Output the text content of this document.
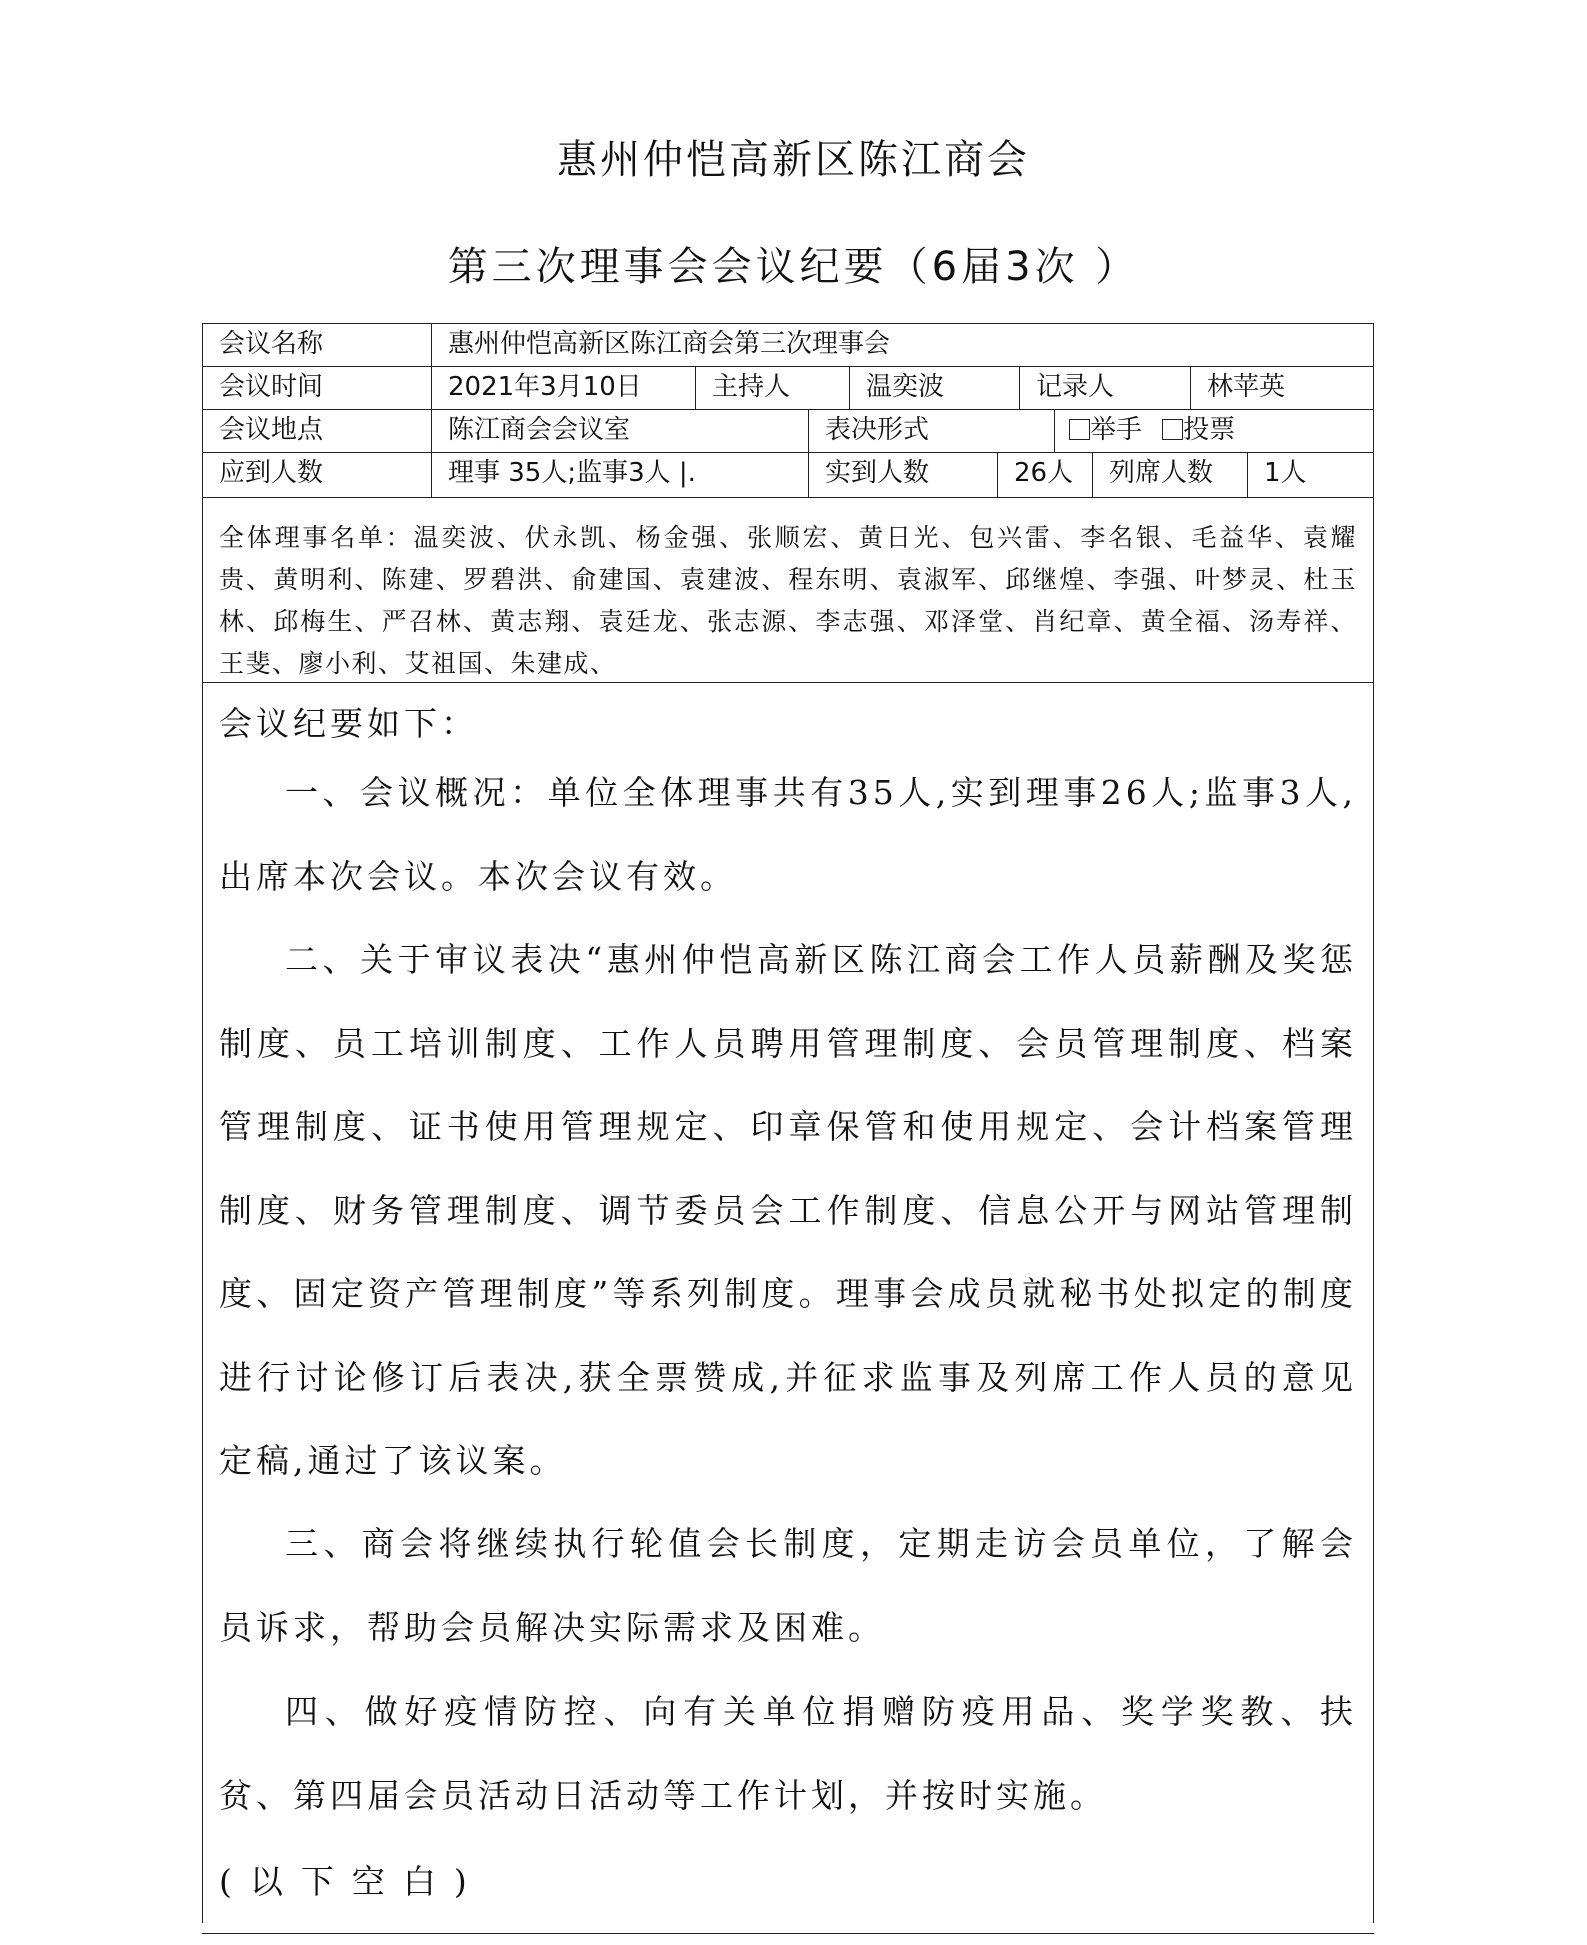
惠州仲恺高新区陈江商会
第三次理事会会议纪要（6届3次 ）
会议名称	惠州仲恺高新区陈江商会第三次理事会
会议时间	2021年3月10日	主持人	温奕波	记录人	林苹英
会议地点	陈江商会会议室	表决形式	举手 投票
应到人数	理事 35人;监事3人 |.	实到人数	26人	列席人数	1人
全体理事名单：温奕波、伏永凯、杨金强、张顺宏、黄日光、包兴雷、李名银、毛益华、袁耀贵、黄明利、陈建、罗碧洪、俞建国、袁建波、程东明、袁淑军、邱继煌、李强、叶梦灵、杜玉林、邱梅生、严召林、黄志翔、袁廷龙、张志源、李志强、邓泽堂、肖纪章、黄全福、汤寿祥、王斐、廖小利、艾祖国、朱建成、
会议纪要如下：

一、会议概况：单位全体理事共有35人,实到理事26人;监事3人,出席本次会议。本次会议有效。

二、关于审议表决“惠州仲恺高新区陈江商会工作人员薪酬及奖惩制度、员工培训制度、工作人员聘用管理制度、会员管理制度、档案管理制度、证书使用管理规定、印章保管和使用规定、会计档案管理制度、财务管理制度、调节委员会工作制度、信息公开与网站管理制度、固定资产管理制度”等系列制度。理事会成员就秘书处拟定的制度进行讨论修订后表决,获全票赞成,并征求监事及列席工作人员的意见定稿,通过了该议案。

三、商会将继续执行轮值会长制度，定期走访会员单位，了解会员诉求，帮助会员解决实际需求及困难。

四、做好疫情防控、向有关单位捐赠防疫用品、奖学奖教、扶贫、第四届会员活动日活动等工作计划，并按时实施。

(以下空白)
